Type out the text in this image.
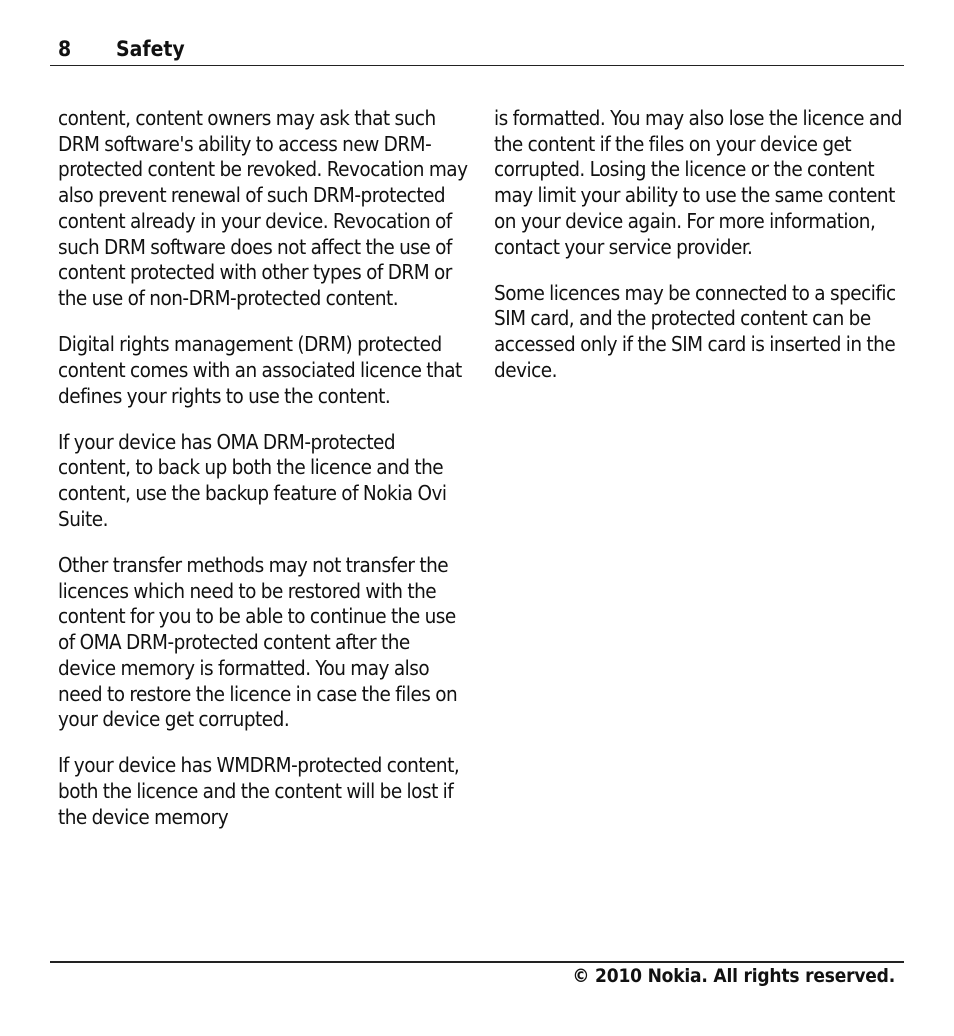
8 Safety

content, content owners may ask that such DRM software's ability to access new DRM-protected content be revoked. Revocation may also prevent renewal of such DRM-protected content already in your device. Revocation of such DRM software does not affect the use of content protected with other types of DRM or the use of non-DRM-protected content.

Digital rights management (DRM) protected content comes with an associated licence that defines your rights to use the content.

If your device has OMA DRM-protected content, to back up both the licence and the content, use the backup feature of Nokia Ovi Suite.

Other transfer methods may not transfer the licences which need to be restored with the content for you to be able to continue the use of OMA DRM-protected content after the device memory is formatted. You may also need to restore the licence in case the files on your device get corrupted.

If your device has WMDRM-protected content, both the licence and the content will be lost if the device memory

is formatted. You may also lose the licence and the content if the files on your device get corrupted. Losing the licence or the content may limit your ability to use the same content on your device again. For more information, contact your service provider.

Some licences may be connected to a specific SIM card, and the protected content can be accessed only if the SIM card is inserted in the device.

© 2010 Nokia. All rights reserved.
